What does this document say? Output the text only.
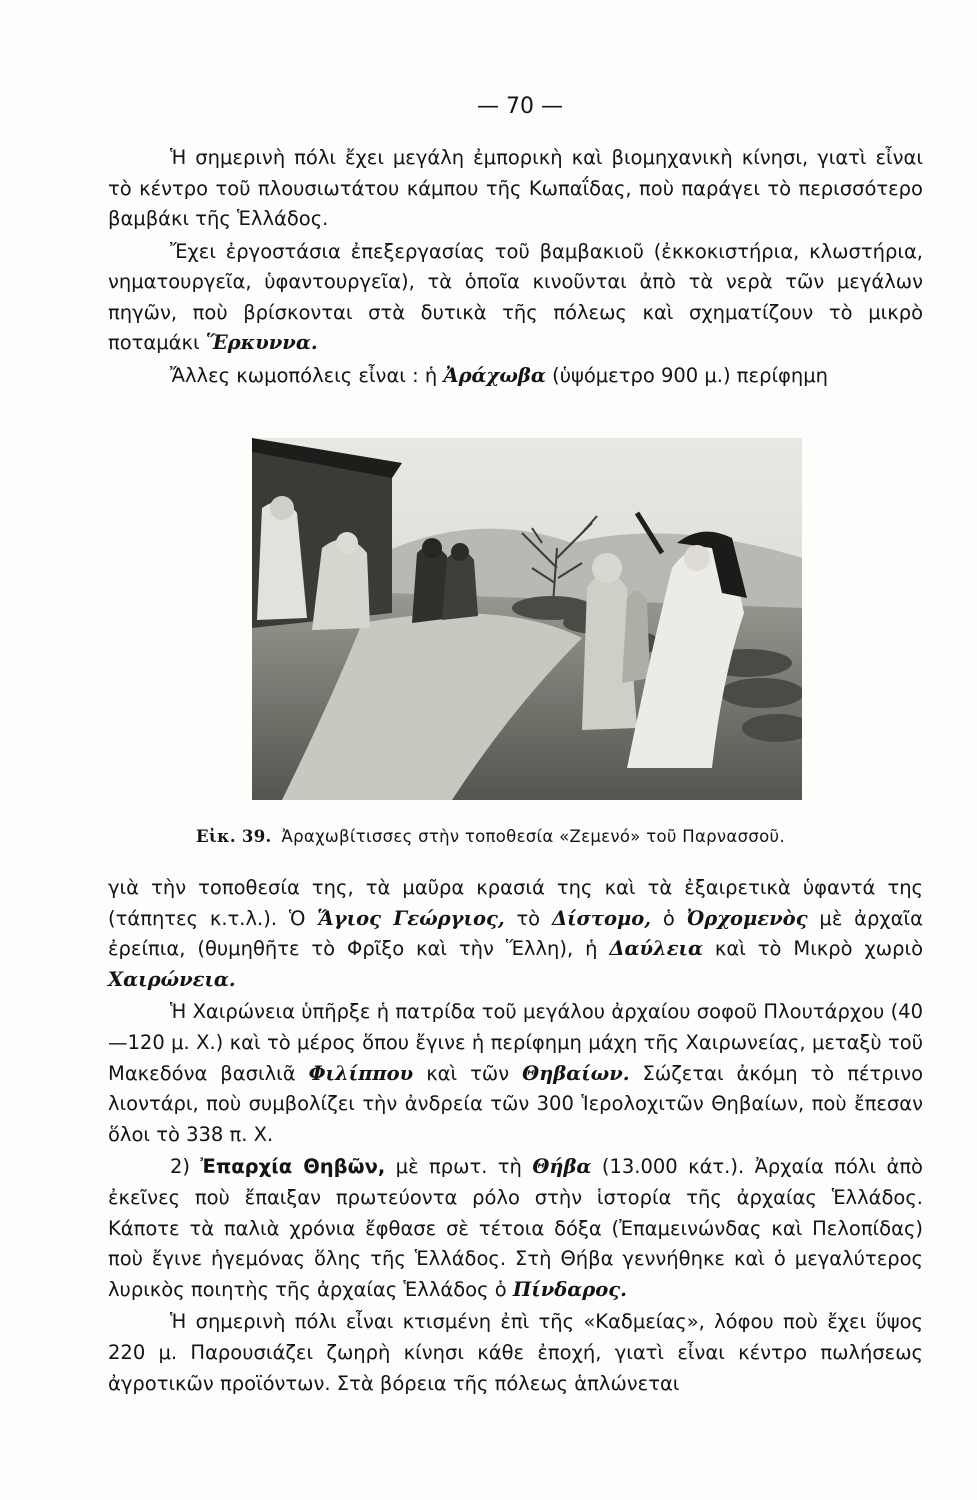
— 70 —

Ἡ σημερινὴ πόλι ἔχει μεγάλη ἐμπορικὴ καὶ βιομηχανικὴ κίνησι, γιατὶ εἶναι τὸ κέντρο τοῦ πλουσιωτάτου κάμπου τῆς Κωπαΐδας, ποὺ παράγει τὸ περισσότερο βαμβάκι τῆς Ἑλλάδος.

Ἔχει ἐργοστάσια ἐπεξεργασίας τοῦ βαμβακιοῦ (ἐκκοκιστήρια, κλωστήρια, νηματουργεῖα, ὑφαντουργεῖα), τὰ ὁποῖα κινοῦνται ἀπὸ τὰ νερὰ τῶν μεγάλων πηγῶν, ποὺ βρίσκονται στὰ δυτικὰ τῆς πόλεως καὶ σχηματίζουν τὸ μικρὸ ποταμάκι Ἕρκυννα.

Ἄλλες κωμοπόλεις εἶναι : ἡ Ἀράχωβα (ὑψόμετρο 900 μ.) περίφημη

Εἰκ. 39. Ἀραχωβίτισσες στὴν τοποθεσία «Ζεμενό» τοῦ Παρνασσοῦ.

γιὰ τὴν τοποθεσία της, τὰ μαῦρα κρασιά της καὶ τὰ ἐξαιρετικὰ ὑφαντά της (τάπητες κ.τ.λ.). Ὁ Ἅγιος Γεώργιος, τὸ Δίστομο, ὁ Ὀρχομενὸς μὲ ἀρχαῖα ἐρείπια, (θυμηθῆτε τὸ Φρῖξο καὶ τὴν Ἕλλη), ἡ Δαύλεια καὶ τὸ Μικρὸ χωριὸ Χαιρώνεια.

Ἡ Χαιρώνεια ὑπῆρξε ἡ πατρίδα τοῦ μεγάλου ἀρχαίου σοφοῦ Πλουτάρχου (40—120 μ. Χ.) καὶ τὸ μέρος ὅπου ἔγινε ἡ περίφημη μάχη τῆς Χαιρωνείας, μεταξὺ τοῦ Μακεδόνα βασιλιᾶ Φιλίππου καὶ τῶν Θηβαίων. Σώζεται ἀκόμη τὸ πέτρινο λιοντάρι, ποὺ συμβολίζει τὴν ἀνδρεία τῶν 300 Ἱερολοχιτῶν Θηβαίων, ποὺ ἔπεσαν ὅλοι τὸ 338 π. Χ.

2) Ἐπαρχία Θηβῶν, μὲ πρωτ. τὴ Θήβα (13.000 κάτ.). Ἀρχαία πόλι ἀπὸ ἐκεῖνες ποὺ ἔπαιξαν πρωτεύοντα ρόλο στὴν ἱστορία τῆς ἀρχαίας Ἑλλάδος. Κάποτε τὰ παλιὰ χρόνια ἔφθασε σὲ τέτοια δόξα (Ἐπαμεινώνδας καὶ Πελοπίδας) ποὺ ἔγινε ἡγεμόνας ὅλης τῆς Ἑλλάδος. Στὴ Θήβα γεννήθηκε καὶ ὁ μεγαλύτερος λυρικὸς ποιητὴς τῆς ἀρχαίας Ἑλλάδος ὁ Πίνδαρος.

Ἡ σημερινὴ πόλι εἶναι κτισμένη ἐπὶ τῆς «Καδμείας», λόφου ποὺ ἔχει ὕψος 220 μ. Παρουσιάζει ζωηρὴ κίνησι κάθε ἐποχή, γιατὶ εἶναι κέντρο πωλήσεως ἀγροτικῶν προϊόντων. Στὰ βόρεια τῆς πόλεως ἁπλώνεται
